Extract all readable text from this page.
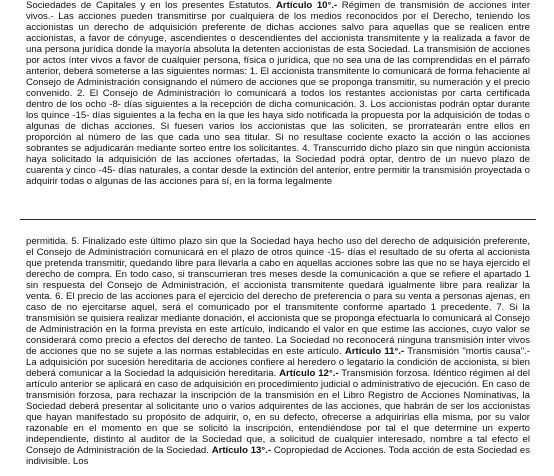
Sociedades de Capitales y en los presentes Estatutos. Artículo 10°.- Régimen de transmisión de acciones inter vivos.- Las acciones pueden transmitirse por cualquiera de los medios reconocidos por el Derecho, teniendo los accionistas un derecho de adquisición preferente de dichas acciones salvo para aquellas que se realicen entre accionistas, a favor de cónyuge, ascendientes o descendientes del accionista transmitente y la realizada a favor de una persona jurídica donde la mayoría absoluta la detenten accionistas de esta Sociedad. La transmisión de acciones por actos ínter vivos a favor de cualquier persona, física o jurídica, que no sea una de las comprendidas en el párrafo anterior, deberá someterse a las siguientes normas: 1. El accionista transmitente lo comunicará de forma fehaciente al Consejo de Administración consignando el número de acciones que se proponga transmitir, su numeración y el precio convenido. 2. El Consejo de Administración lo comunicará a todos los restantes accionistas por carta certificada dentro de los ocho -8- días siguientes a la recepción de dicha comunicación. 3. Los accionistas podrán optar durante los quince -15- días siguientes a la fecha en la que les haya sido notificada la propuesta por la adquisición de todas o algunas de dichas acciones. Si fuesen varios los accionistas que las soliciten, se prorratearán entre ellos en proporción al número de las que cada uno sea titular. Si no resultase cociente exacto la acción o las acciones sobrantes se adjudicarán mediante sorteo entre los solicitantes. 4. Transcurrido dicho plazo sin que ningún accionista haya solicitado la adquisición de las acciones ofertadas, la Sociedad podrá optar, dentro de un nuevo plazo de cuarenta y cinco -45- días naturales, a contar desde la extinción del anterior, entre permitir la transmisión proyectada o adquirir todas o algunas de las acciones para sí, en la forma legalmente
permitida. 5. Finalizado este último plazo sin que la Sociedad haya hecho uso del derecho de adquisición preferente, el Consejo de Administración comunicará en el plazo de otros quince -15- días el resultado de su oferta al accionista que pretenda transmitir, quedando libre para llevarla a cabo en aquellas acciones sobre las que no se haya ejercido el derecho de compra. En todo caso, si transcurrieran tres meses desde la comunicación a que se refiere el apartado 1 sin respuesta del Consejo de Administración, el accionista transmitente quedará igualmente libre para realizar la venta. 6. El precio de las acciones para el ejercicio del derecho de preferencia o para su venta a personas ajenas, en caso de no ejercitarse aquel, será el comunicado por el transmitente conforme apartado 1 precedente. 7. Si la transmisión se quisiera realizar mediante donación, el accionista que se proponga efectuarla lo comunicará al Consejo de Administración en la forma prevista en este artículo, indicando el valor en que estime las acciones, cuyo valor se considerará como precio a efectos del derecho de tanteo. La Sociedad no reconocerá ninguna transmisión inter vivos de acciones que no se sujete a las normas establecidas en este artículo. Artículo 11°.- Transmisión "mortis causa".- La adquisición por sucesión hereditaria de acciones confiere al heredero o legatario la condición de accionista, si bien deberá comunicar a la Sociedad la adquisición hereditaria. Artículo 12°.- Transmisión forzosa. Idéntico régimen al del artículo anterior se aplicará en caso de adquisición en procedimiento judicial o administrativo de ejecución. En caso de transmisión forzosa, para rechazar la inscripción de la transmisión en el Libro Registro de Acciones Nominativas, la Sociedad deberá presentar al solicitante uno o varios adquirentes de las acciones, que habrán de ser los accionistas que hayan manifestado su propósito de adquirir, o, en su defecto, ofrecerse a adquirirlas ella misma, por su valor razonable en el momento en que se solicitó la inscripción, entendiéndose por tal el que determine un experto independiente, distinto al auditor de la Sociedad que, a solicitud de cualquier interesado, nombre a tal efecto el Consejo de Administración de la Sociedad. Artículo 13°.- Copropiedad de Acciones. Toda acción de esta Sociedad es indivisible. Los
